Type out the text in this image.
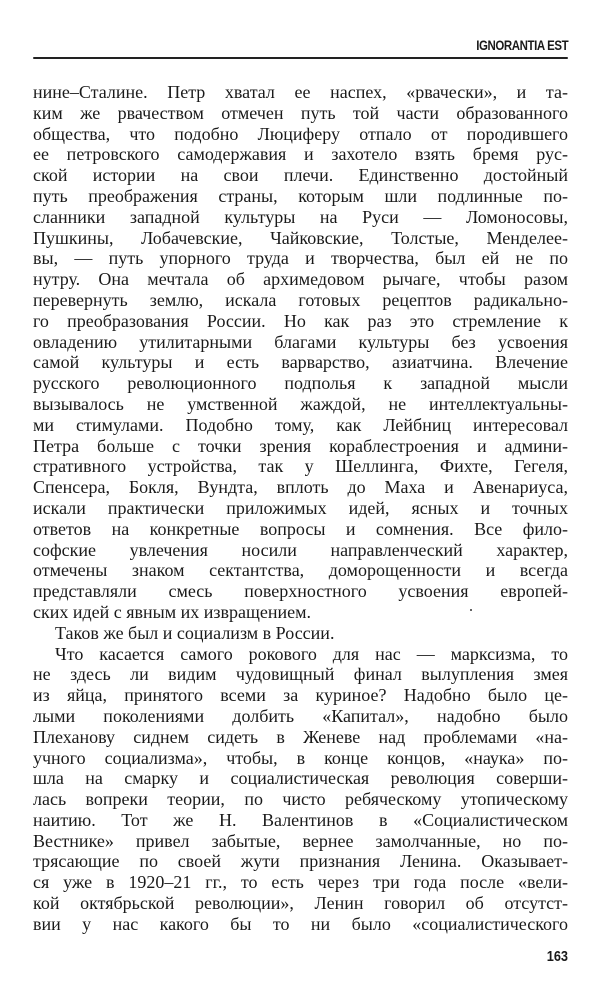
IGNORANTIA EST
нине–Сталине. Петр хватал ее наспех, «рвачески», и та-
ким же рвачеством отмечен путь той части образованного
общества, что подобно Люциферу отпало от породившего
ее петровского самодержавия и захотело взять бремя рус-
ской истории на свои плечи. Единственно достойный
путь преображения страны, которым шли подлинные по-
сланники западной культуры на Руси — Ломоносовы,
Пушкины, Лобачевские, Чайковские, Толстые, Менделее-
вы, — путь упорного труда и творчества, был ей не по
нутру. Она мечтала об архимедовом рычаге, чтобы разом
перевернуть землю, искала готовых рецептов радикально-
го преобразования России. Но как раз это стремление к
овладению утилитарными благами культуры без усвоения
самой культуры и есть варварство, азиатчина. Влечение
русского революционного подполья к западной мысли
вызывалось не умственной жаждой, не интеллектуальны-
ми стимулами. Подобно тому, как Лейбниц интересовал
Петра больше с точки зрения кораблестроения и админи-
стративного устройства, так у Шеллинга, Фихте, Гегеля,
Спенсера, Бокля, Вундта, вплоть до Маха и Авенариуса,
искали практически приложимых идей, ясных и точных
ответов на конкретные вопросы и сомнения. Все фило-
софские увлечения носили направленческий характер,
отмечены знаком сектантства, доморощенности и всегда
представляли смесь поверхностного усвоения европей-
ских идей с явным их извращением.
Таков же был и социализм в России.
Что касается самого рокового для нас — марксизма, то
не здесь ли видим чудовищный финал вылупления змея
из яйца, принятого всеми за куриное? Надобно было це-
лыми поколениями долбить «Капитал», надобно было
Плеханову сиднем сидеть в Женеве над проблемами «на-
учного социализма», чтобы, в конце концов, «наука» по-
шла на смарку и социалистическая революция соверши-
лась вопреки теории, по чисто ребяческому утопическому
наитию. Тот же Н. Валентинов в «Социалистическом
Вестнике» привел забытые, вернее замолчанные, но по-
трясающие по своей жути признания Ленина. Оказывает-
ся уже в 1920–21 гг., то есть через три года после «вели-
кой октябрьской революции», Ленин говорил об отсутст-
вии у нас какого бы то ни было «социалистического
163
